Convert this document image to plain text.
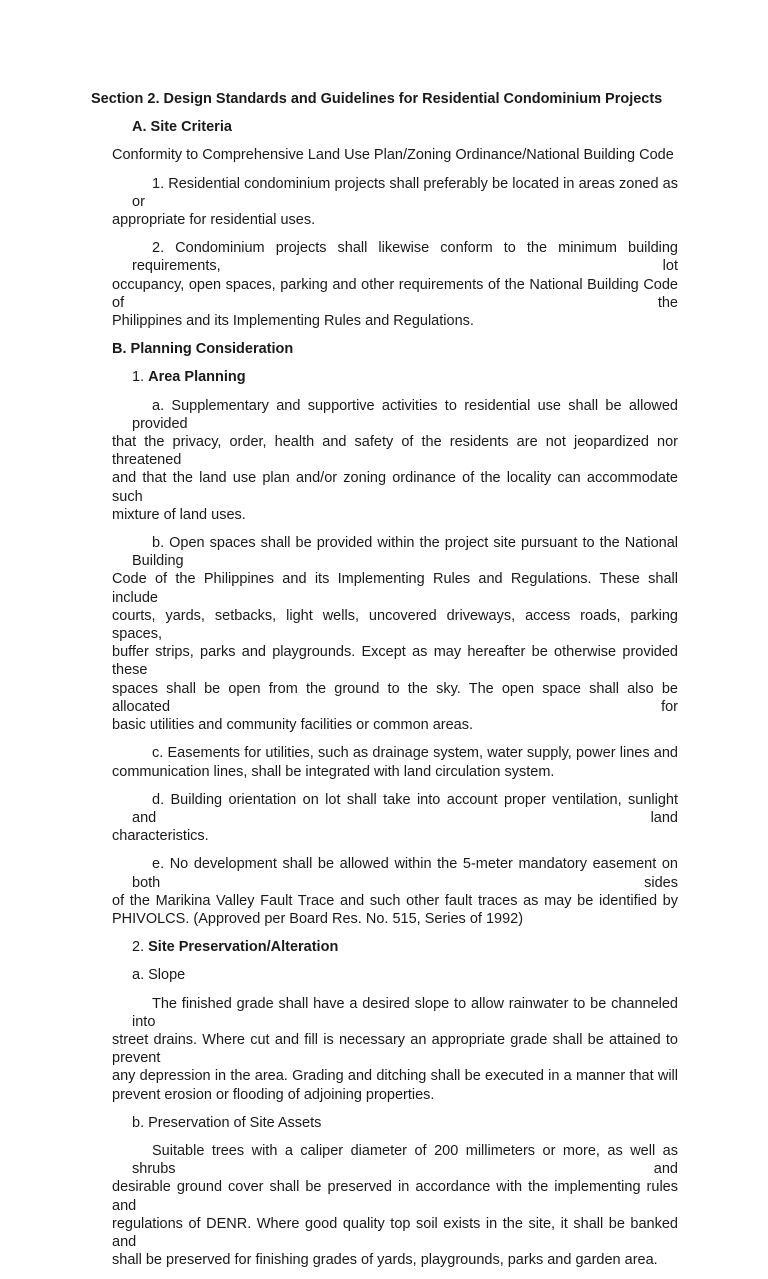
Section 2. Design Standards and Guidelines for Residential Condominium Projects
A. Site Criteria
Conformity to Comprehensive Land Use Plan/Zoning Ordinance/National Building Code
1. Residential condominium projects shall preferably be located in areas zoned as or
appropriate for residential uses.
2. Condominium projects shall likewise conform to the minimum building requirements, lot
occupancy, open spaces, parking and other requirements of the National Building Code of the
Philippines and its Implementing Rules and Regulations.
B. Planning Consideration
1. Area Planning
a. Supplementary and supportive activities to residential use shall be allowed provided
that the privacy, order, health and safety of the residents are not jeopardized nor threatened
and that the land use plan and/or zoning ordinance of the locality can accommodate such
mixture of land uses.
b. Open spaces shall be provided within the project site pursuant to the National Building
Code of the Philippines and its Implementing Rules and Regulations. These shall include
courts, yards, setbacks, light wells, uncovered driveways, access roads, parking spaces,
buffer strips, parks and playgrounds. Except as may hereafter be otherwise provided these
spaces shall be open from the ground to the sky. The open space shall also be allocated for
basic utilities and community facilities or common areas.
c. Easements for utilities, such as drainage system, water supply, power lines and
communication lines, shall be integrated with land circulation system.
d. Building orientation on lot shall take into account proper ventilation, sunlight and land
characteristics.
e. No development shall be allowed within the 5-meter mandatory easement on both sides
of the Marikina Valley Fault Trace and such other fault traces as may be identified by
PHIVOLCS. (Approved per Board Res. No. 515, Series of 1992)
2. Site Preservation/Alteration
a. Slope
The finished grade shall have a desired slope to allow rainwater to be channeled into
street drains. Where cut and fill is necessary an appropriate grade shall be attained to prevent
any depression in the area. Grading and ditching shall be executed in a manner that will
prevent erosion or flooding of adjoining properties.
b. Preservation of Site Assets
Suitable trees with a caliper diameter of 200 millimeters or more, as well as shrubs and
desirable ground cover shall be preserved in accordance with the implementing rules and
regulations of DENR. Where good quality top soil exists in the site, it shall be banked and
shall be preserved for finishing grades of yards, playgrounds, parks and garden area.
